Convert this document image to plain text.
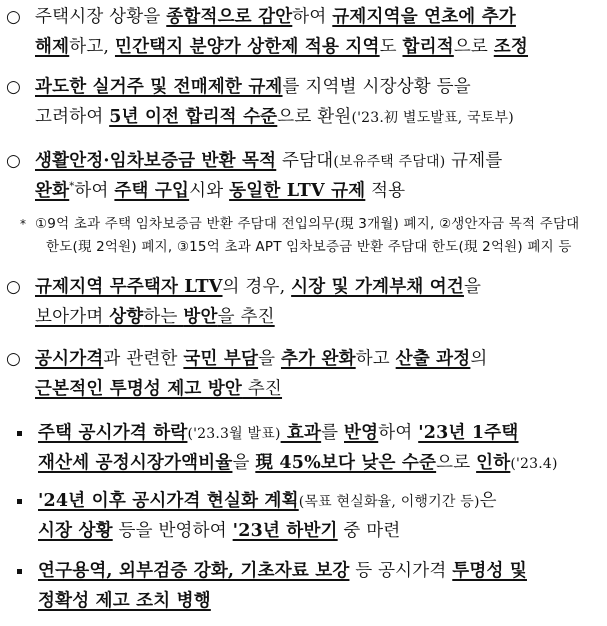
○ 주택시장 상황을 종합적으로 감안하여 규제지역을 연초에 추가
해제하고, 민간택지 분양가 상한제 적용 지역도 합리적으로 조정
○ 과도한 실거주 및 전매제한 규제를 지역별 시장상황 등을
고려하여 5년 이전 합리적 수준으로 환원('23.初 별도발표, 국토부)
○ 생활안정·임차보증금 반환 목적 주담대(보유주택 주담대) 규제를
완화*하여 주택 구입시와 동일한 LTV 규제 적용
* ①9억 초과 주택 임차보증금 반환 주담대 전입의무(現 3개월) 폐지, ②생안자금 목적 주담대
한도(現 2억원) 폐지, ③15억 초과 APT 임차보증금 반환 주담대 한도(現 2억원) 폐지 등
○ 규제지역 무주택자 LTV의 경우, 시장 및 가계부채 여건을
보아가며 상향하는 방안을 추진
○ 공시가격과 관련한 국민 부담을 추가 완화하고 산출 과정의
근본적인 투명성 제고 방안 추진
주택 공시가격 하락('23.3월 발표) 효과를 반영하여 '23년 1주택
재산세 공정시장가액비율을 現 45%보다 낮은 수준으로 인하('23.4)
'24년 이후 공시가격 현실화 계획(목표 현실화율, 이행기간 등)은
시장 상황 등을 반영하여 '23년 하반기 중 마련
연구용역, 외부검증 강화, 기초자료 보강 등 공시가격 투명성 및
정확성 제고 조치 병행
